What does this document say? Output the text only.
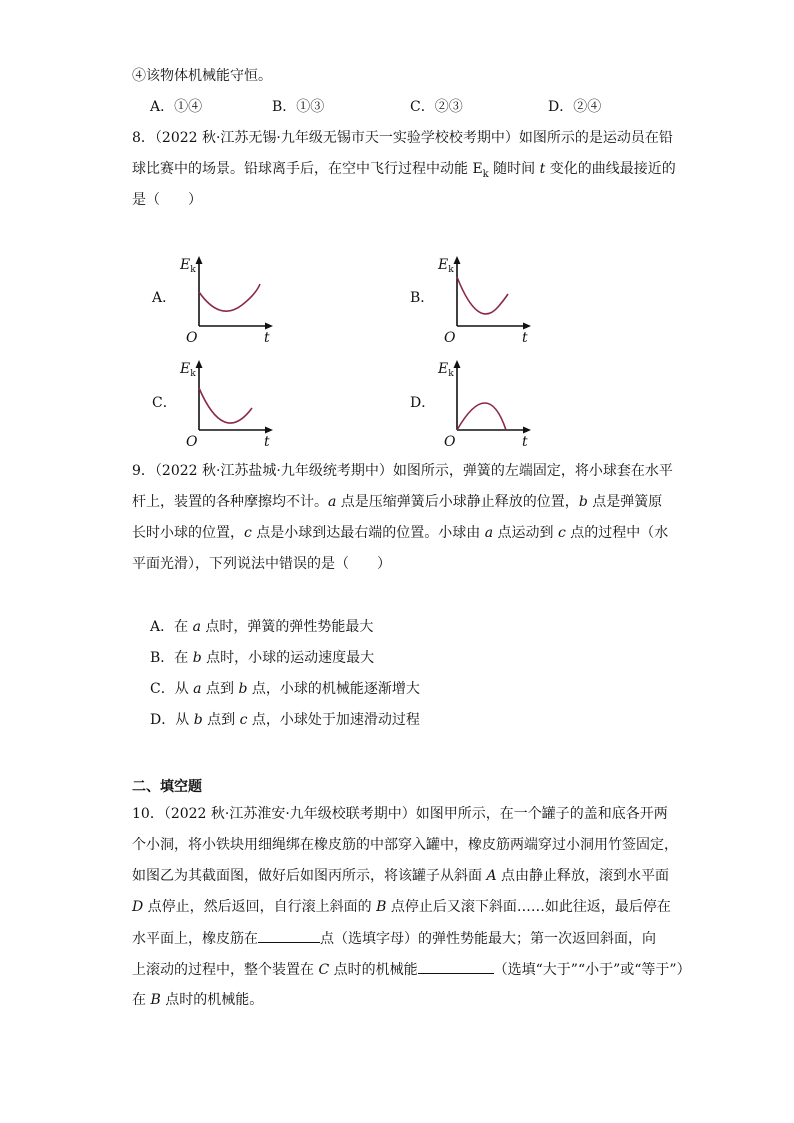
④该物体机械能守恒。
A．①④	B．①③	C．②③	D．②④
8．（2022 秋·江苏无锡·九年级无锡市天一实验学校校考期中）如图所示的是运动员在铅
球比赛中的场景。铅球离手后，在空中飞行过程中动能 $E_k$ 随时间 t 变化的曲线最接近的
是（　　）
A．
$E_k$
O	t
B．
$E_k$
O	t
C．
$E_k$
O	t
D．
$E_k$
O	t
9．（2022 秋·江苏盐城·九年级统考期中）如图所示，弹簧的左端固定，将小球套在水平
杆上，装置的各种摩擦均不计。a 点是压缩弹簧后小球静止释放的位置，b 点是弹簧原
长时小球的位置，c 点是小球到达最右端的位置。小球由 a 点运动到 c 点的过程中（水
平面光滑），下列说法中错误的是（　　）
A．在 a 点时，弹簧的弹性势能最大
B．在 b 点时，小球的运动速度最大
C．从 a 点到 b 点，小球的机械能逐渐增大
D．从 b 点到 c 点，小球处于加速滑动过程
二、填空题
10．（2022 秋·江苏淮安·九年级校联考期中）如图甲所示，在一个罐子的盖和底各开两
个小洞，将小铁块用细绳绑在橡皮筋的中部穿入罐中，橡皮筋两端穿过小洞用竹签固定，
如图乙为其截面图，做好后如图丙所示，将该罐子从斜面 A 点由静止释放，滚到水平面
D 点停止，然后返回，自行滚上斜面的 B 点停止后又滚下斜面……如此往返，最后停在
水平面上，橡皮筋在	点（选填字母）的弹性势能最大；第一次返回斜面，向
上滚动的过程中，整个装置在 C 点时的机械能	（选填“大于”“小于”或“等于”）
在 B 点时的机械能。
